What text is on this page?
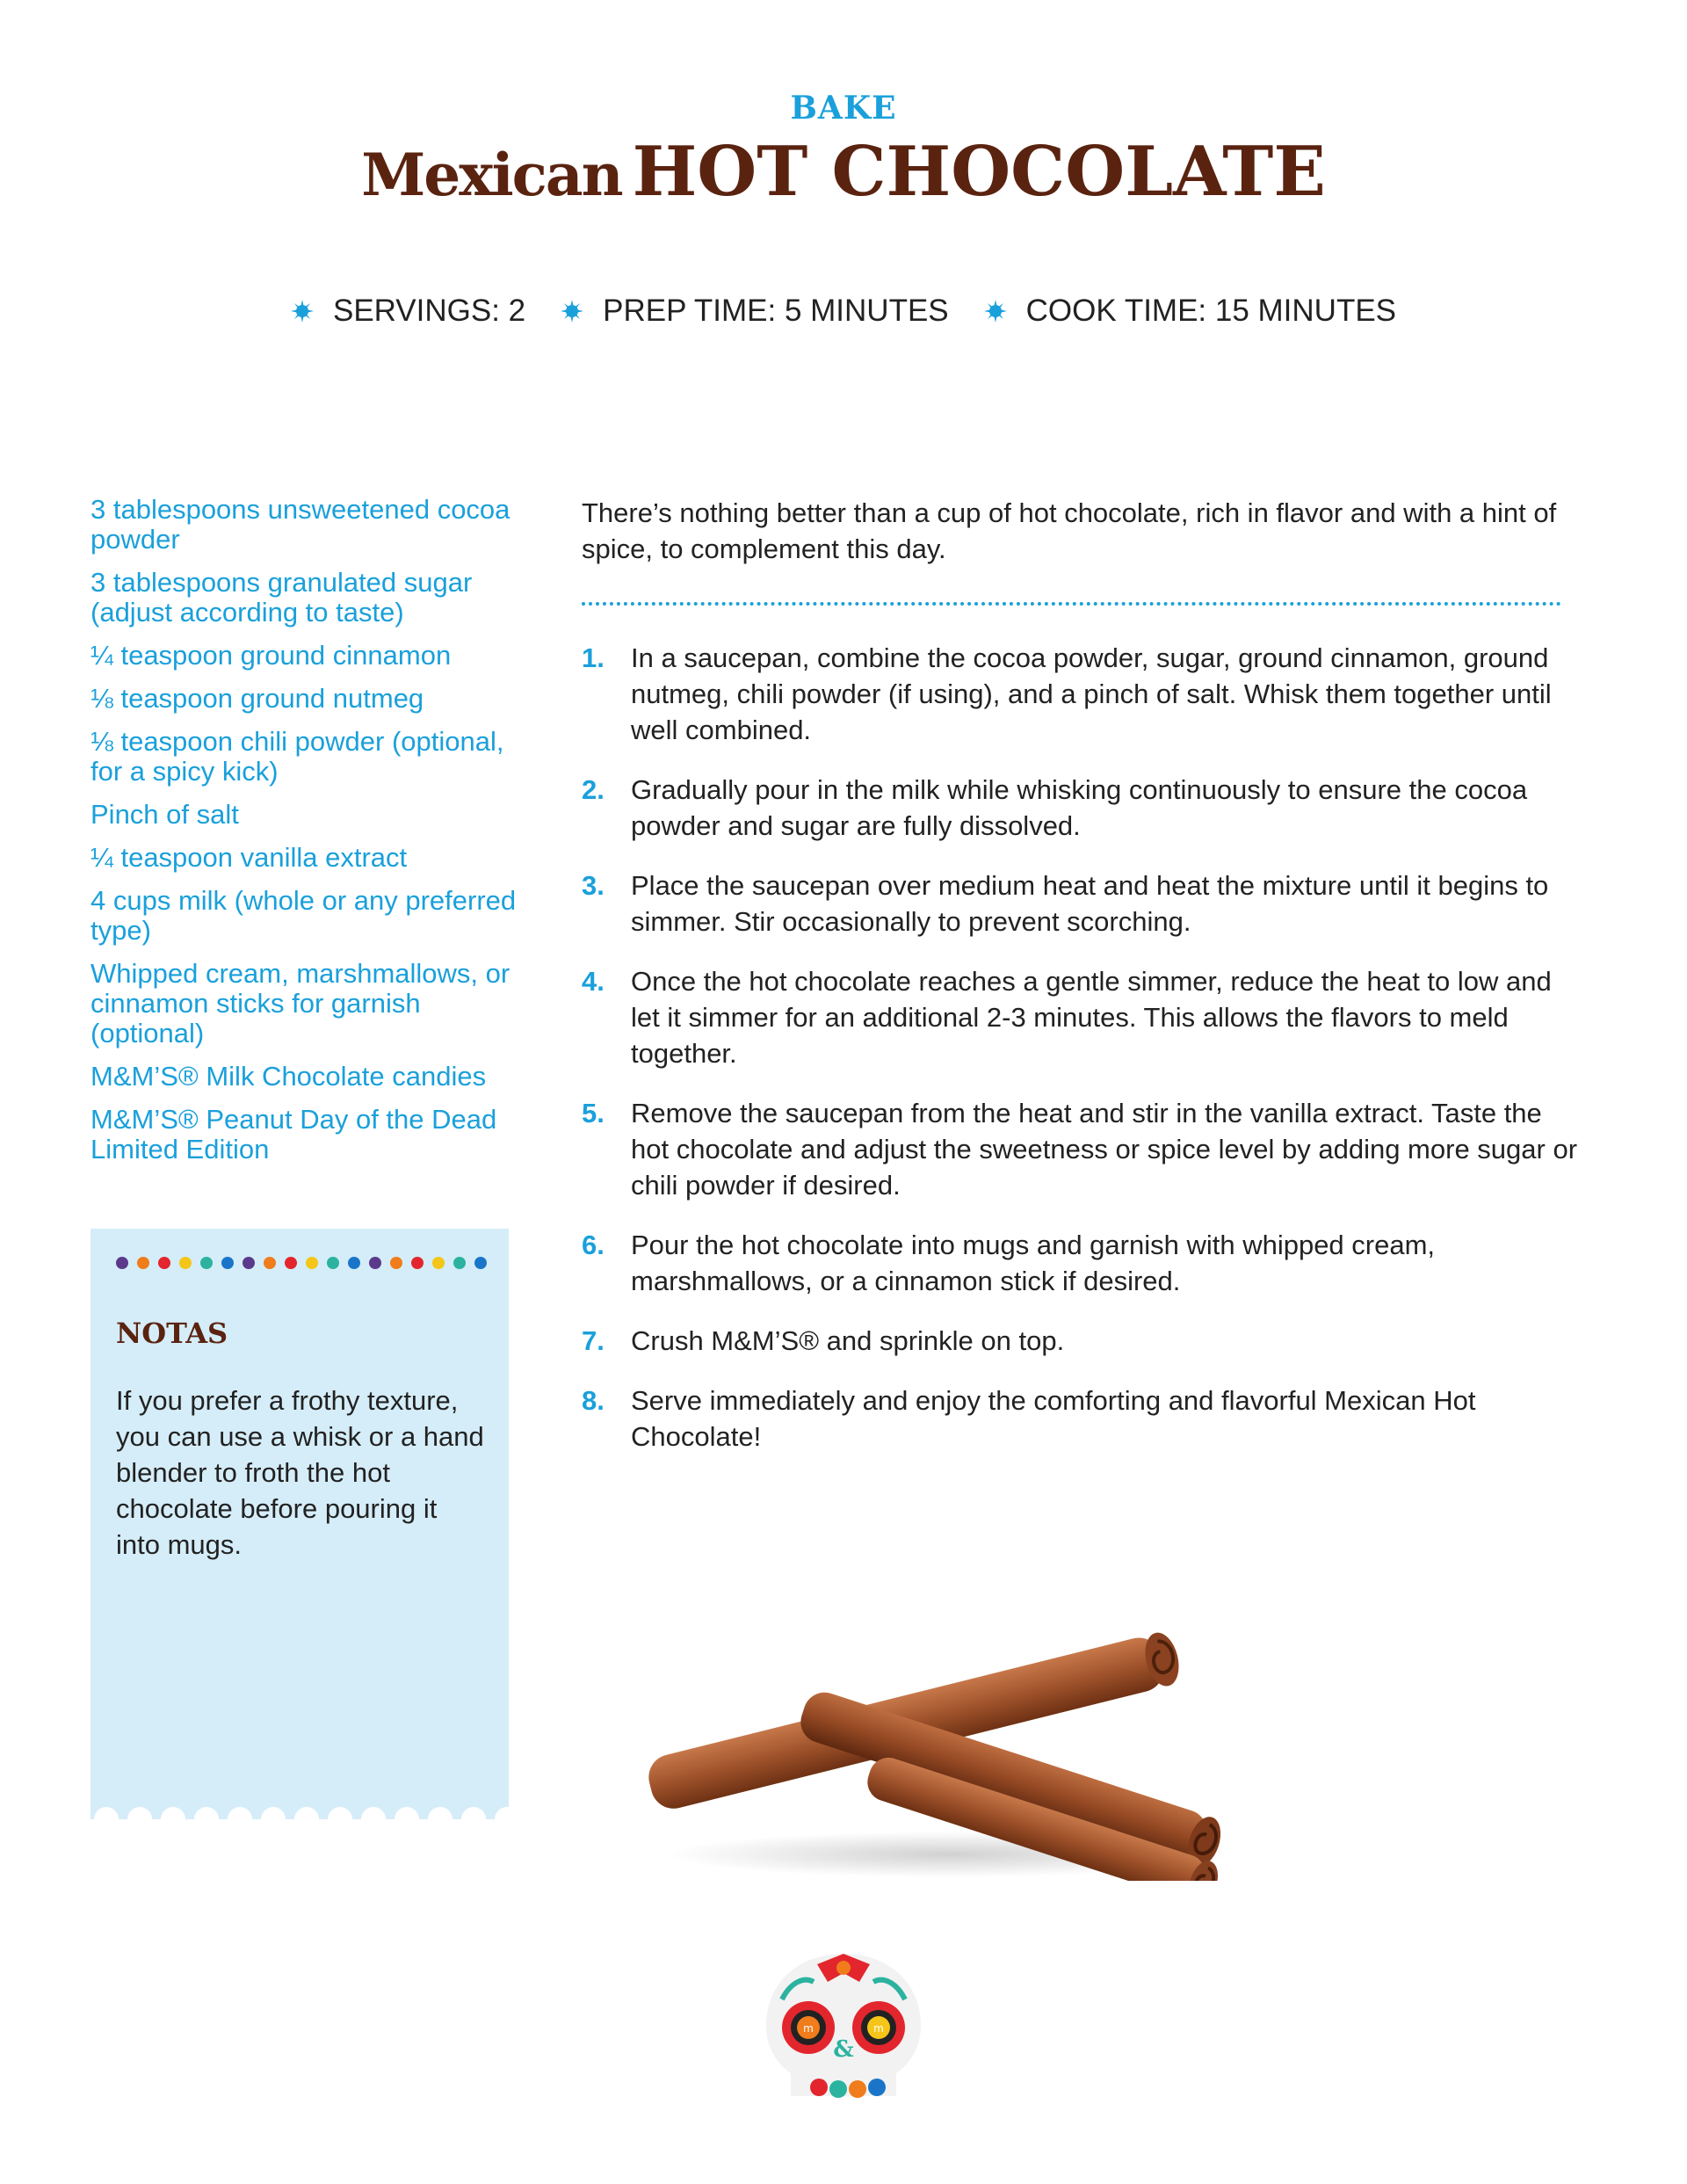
BAKE
Mexican HOT CHOCOLATE
SERVINGS: 2	PREP TIME: 5 MINUTES	COOK TIME: 15 MINUTES
3 tablespoons unsweetened cocoa powder
3 tablespoons granulated sugar (adjust according to taste)
¼ teaspoon ground cinnamon
⅛ teaspoon ground nutmeg
⅛ teaspoon chili powder (optional, for a spicy kick)
Pinch of salt
¼ teaspoon vanilla extract
4 cups milk (whole or any preferred type)
Whipped cream, marshmallows, or cinnamon sticks for garnish (optional)
M&M’S® Milk Chocolate candies
M&M’S® Peanut Day of the Dead Limited Edition
NOTAS
If you prefer a frothy texture, you can use a whisk or a hand blender to froth the hot chocolate before pouring it into mugs.
There’s nothing better than a cup of hot chocolate, rich in flavor and with a hint of spice, to complement this day.
1. In a saucepan, combine the cocoa powder, sugar, ground cinnamon, ground nutmeg, chili powder (if using), and a pinch of salt. Whisk them together until well combined.
2. Gradually pour in the milk while whisking continuously to ensure the cocoa powder and sugar are fully dissolved.
3. Place the saucepan over medium heat and heat the mixture until it begins to simmer. Stir occasionally to prevent scorching.
4. Once the hot chocolate reaches a gentle simmer, reduce the heat to low and let it simmer for an additional 2-3 minutes. This allows the flavors to meld together.
5. Remove the saucepan from the heat and stir in the vanilla extract. Taste the hot chocolate and adjust the sweetness or spice level by adding more sugar or chili powder if desired.
6. Pour the hot chocolate into mugs and garnish with whipped cream, marshmallows, or a cinnamon stick if desired.
7. Crush M&M’S® and sprinkle on top.
8. Serve immediately and enjoy the comforting and flavorful Mexican Hot Chocolate!
m	m
&
